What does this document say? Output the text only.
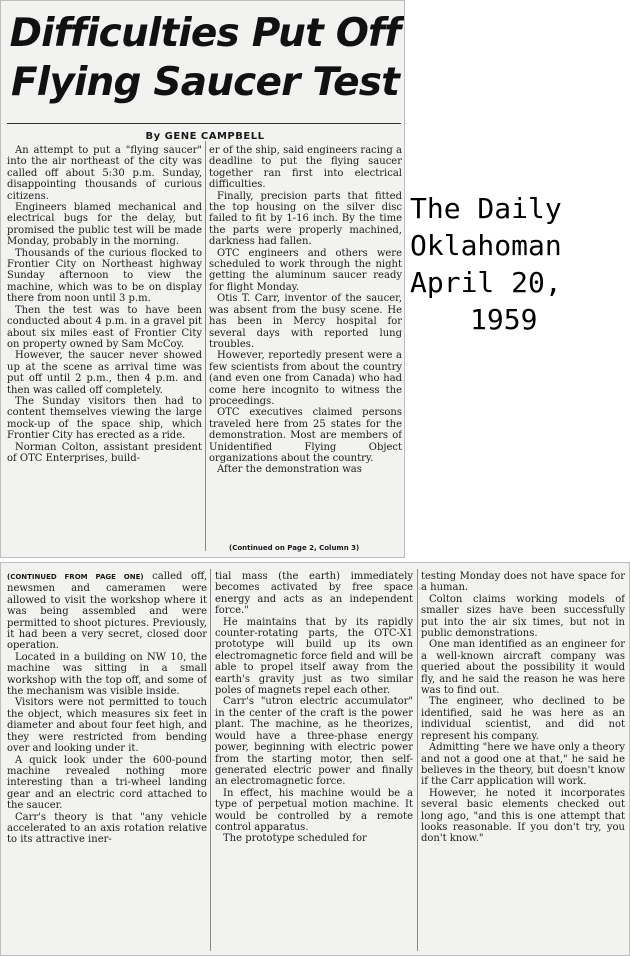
Difficulties Put Off
Flying Saucer Test
By GENE CAMPBELL

An attempt to put a "flying saucer" into the air northeast of the city was called off about 5:30 p.m. Sunday, disappointing thousands of curious citizens.

Engineers blamed mechanical and electrical bugs for the delay, but promised the public test will be made Monday, probably in the morning.

Thousands of the curious flocked to Frontier City on Northeast highway Sunday afternoon to view the machine, which was to be on display there from noon until 3 p.m.

Then the test was to have been conducted about 4 p.m. in a gravel pit about six miles east of Frontier City on property owned by Sam McCoy.

However, the saucer never showed up at the scene as arrival time was put off until 2 p.m., then 4 p.m. and then was called off completely.

The Sunday visitors then had to content themselves viewing the large mock-up of the space ship, which Frontier City has erected as a ride.

Norman Colton, assistant president of OTC Enterprises, build-

er of the ship, said engineers racing a deadline to put the flying saucer together ran first into electrical difficulties.

Finally, precision parts that fitted the top housing on the silver disc failed to fit by 1-16 inch. By the time the parts were properly machined, darkness had fallen.

OTC engineers and others were scheduled to work through the night getting the aluminum saucer ready for flight Monday.

Otis T. Carr, inventor of the saucer, was absent from the busy scene. He has been in Mercy hospital for several days with reported lung troubles.

However, reportedly present were a few scientists from about the country (and even one from Canada) who had come here incognito to witness the proceedings.

OTC executives claimed persons traveled here from 25 states for the demonstration. Most are members of Unidentified Flying Object organizations about the country.

After the demonstration was

(Continued on Page 2, Column 3)
The Daily
Oklahoman
April 20,
1959

(CONTINUED FROM PAGE ONE) called off, newsmen and cameramen were allowed to visit the workshop where it was being assembled and were permitted to shoot pictures. Previously, it had been a very secret, closed door operation.

Located in a building on NW 10, the machine was sitting in a small workshop with the top off, and some of the mechanism was visible inside.

Visitors were not permitted to touch the object, which measures six feet in diameter and about four feet high, and they were restricted from bending over and looking under it.

A quick look under the 600-pound machine revealed nothing more interesting than a tri-wheel landing gear and an electric cord attached to the saucer.

Carr's theory is that "any vehicle accelerated to an axis rotation relative to its attractive iner-

tial mass (the earth) immediately becomes activated by free space energy and acts as an independent force."

He maintains that by its rapidly counter-rotating parts, the OTC-X1 prototype will build up its own electromagnetic force field and will be able to propel itself away from the earth's gravity just as two similar poles of magnets repel each other.

Carr's "utron electric accumulator" in the center of the craft is the power plant. The machine, as he theorizes, would have a three-phase energy power, beginning with electric power from the starting motor, then self-generated electric power and finally an electromagnetic force.

In effect, his machine would be a type of perpetual motion machine. It would be controlled by a remote control apparatus.

The prototype scheduled for

testing Monday does not have space for a human.

Colton claims working models of smaller sizes have been successfully put into the air six times, but not in public demonstrations.

One man identified as an engineer for a well-known aircraft company was queried about the possibility it would fly, and he said the reason he was here was to find out.

The engineer, who declined to be identified, said he was here as an individual scientist, and did not represent his company.

Admitting "here we have only a theory and not a good one at that," he said he believes in the theory, but doesn't know if the Carr application will work.

However, he noted it incorporates several basic elements checked out long ago, "and this is one attempt that looks reasonable. If you don't try, you don't know."
